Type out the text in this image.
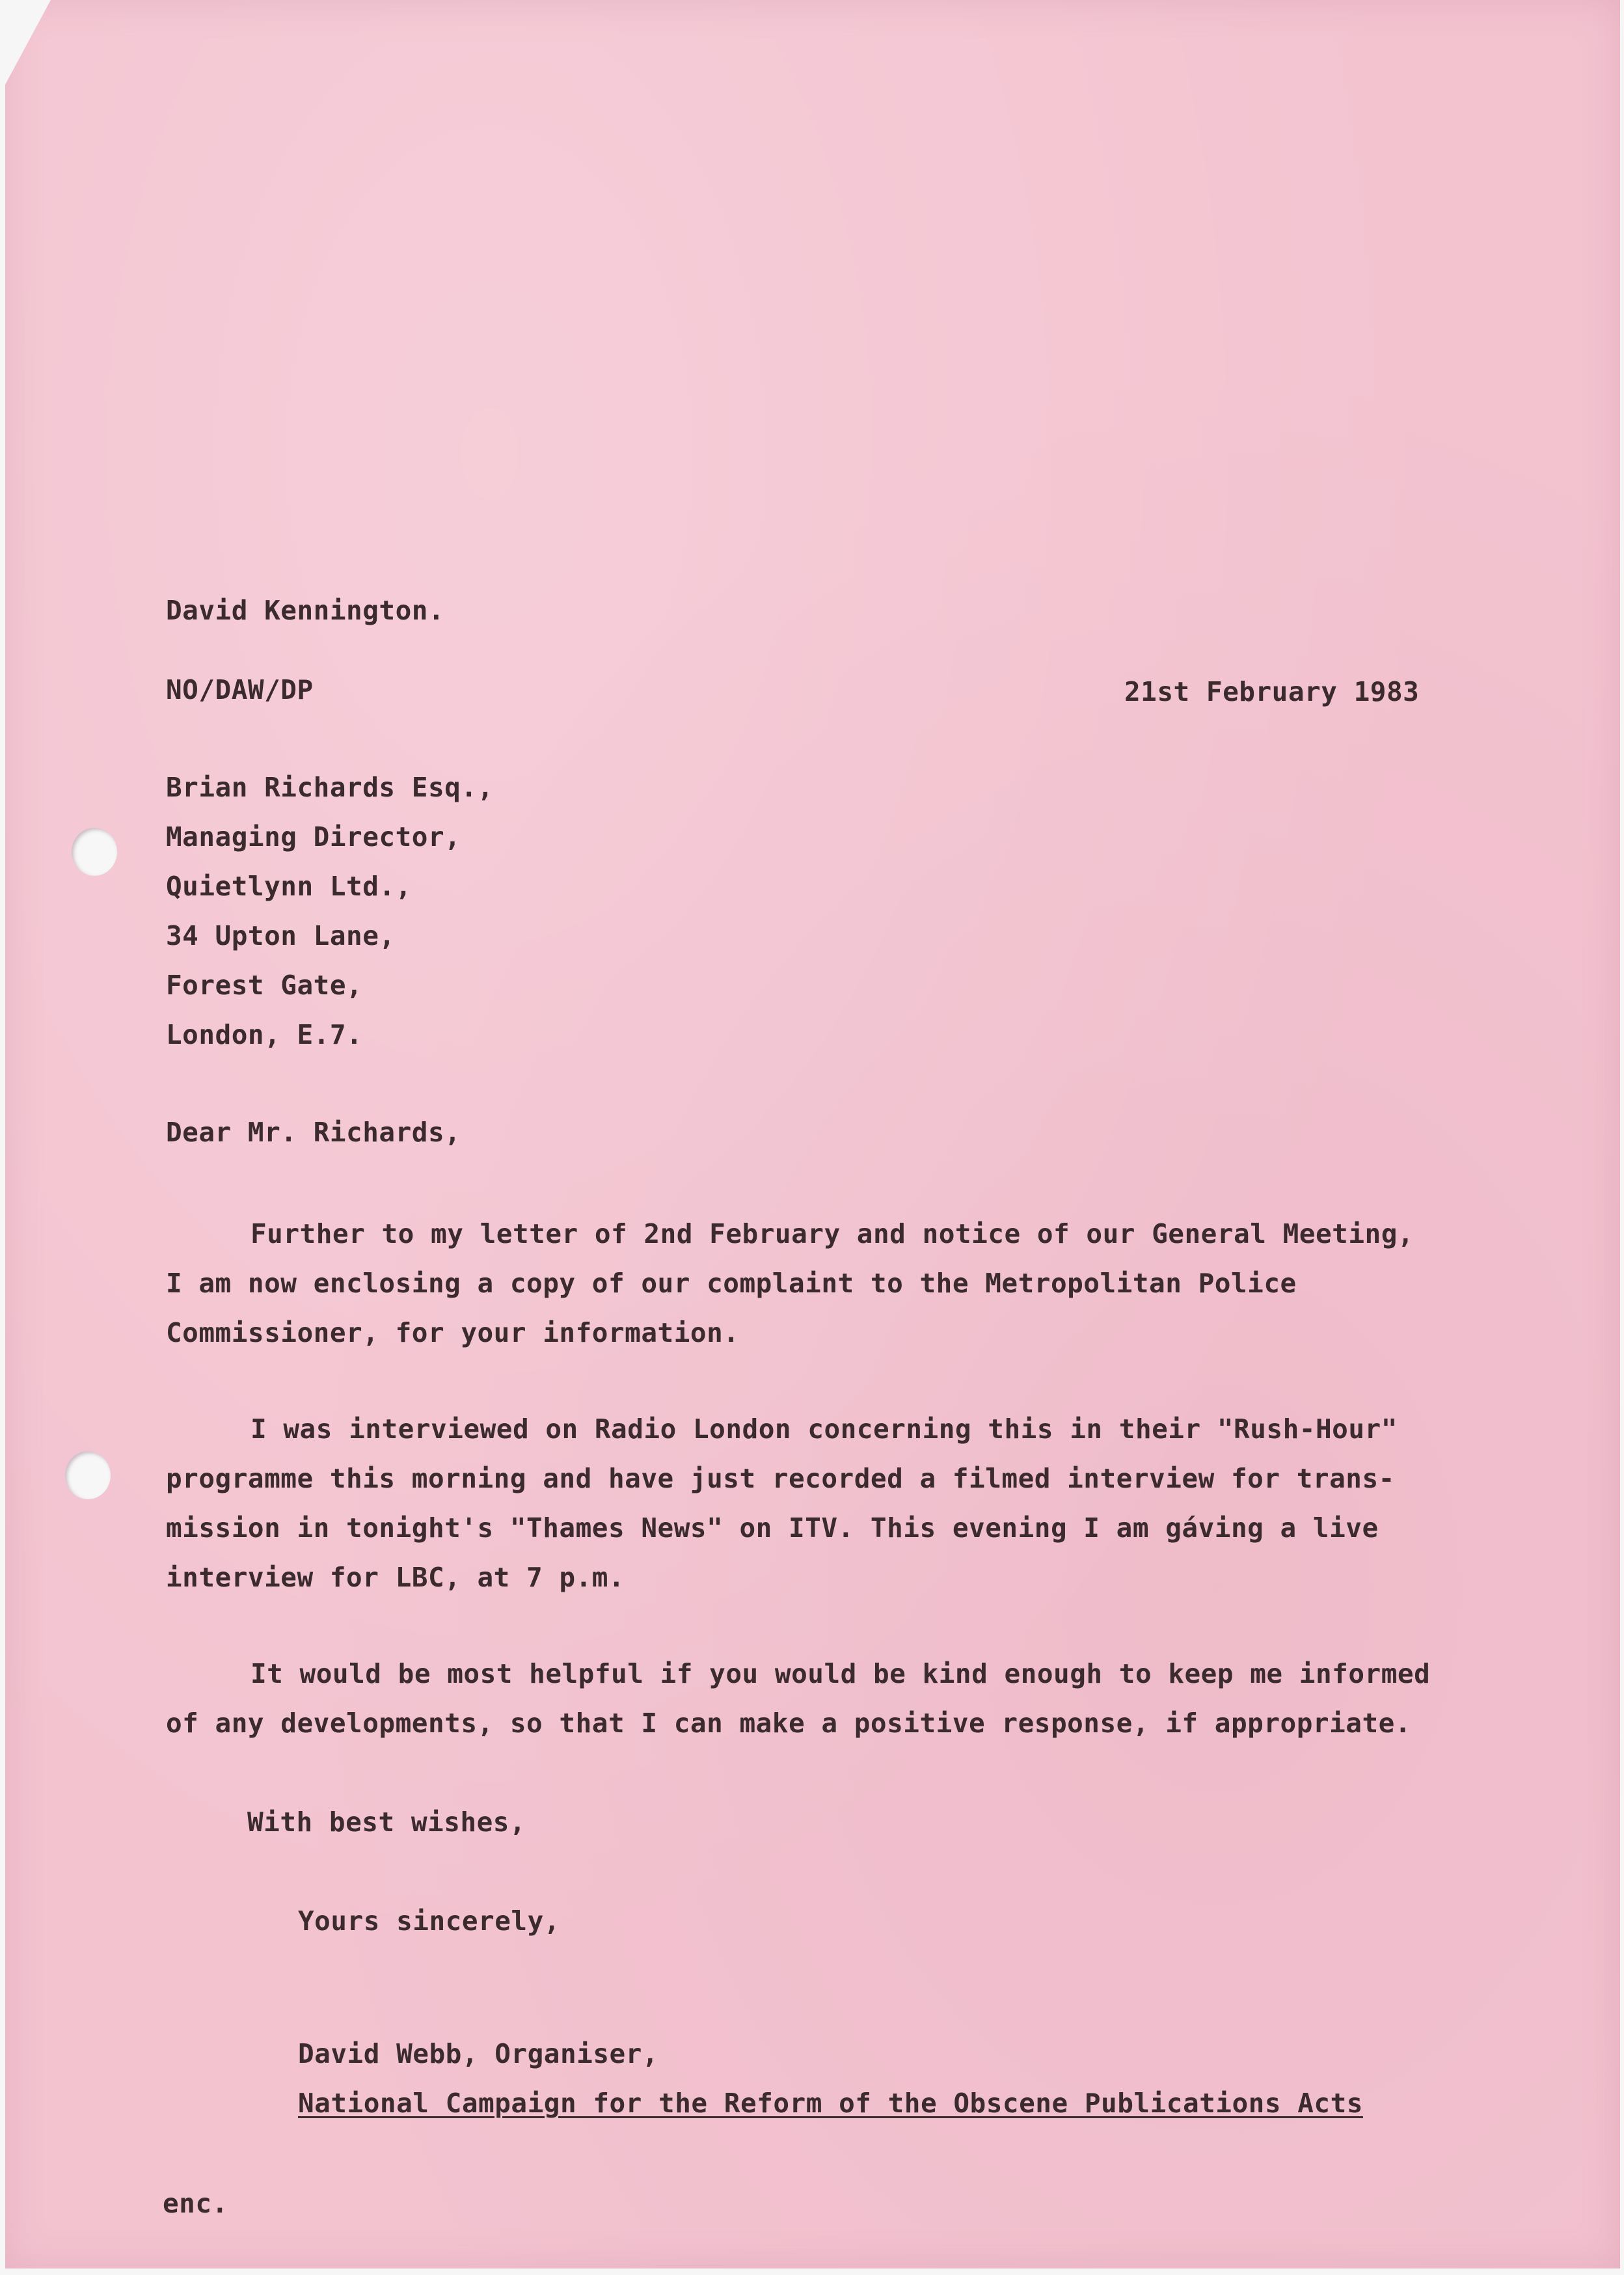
David Kennington.
NO/DAW/DP	21st February 1983
Brian Richards Esq.,
Managing Director,
Quietlynn Ltd.,
34 Upton Lane,
Forest Gate,
London, E.7.
Dear Mr. Richards,
Further to my letter of 2nd February and notice of our General Meeting,
I am now enclosing a copy of our complaint to the Metropolitan Police
Commissioner, for your information.
I was interviewed on Radio London concerning this in their "Rush-Hour"
programme this morning and have just recorded a filmed interview for trans-
mission in tonight's "Thames News" on ITV. This evening I am gáving a live
interview for LBC, at 7 p.m.
It would be most helpful if you would be kind enough to keep me informed
of any developments, so that I can make a positive response, if appropriate.
With best wishes,
Yours sincerely,
David Webb, Organiser,
National Campaign for the Reform of the Obscene Publications Acts
enc.
